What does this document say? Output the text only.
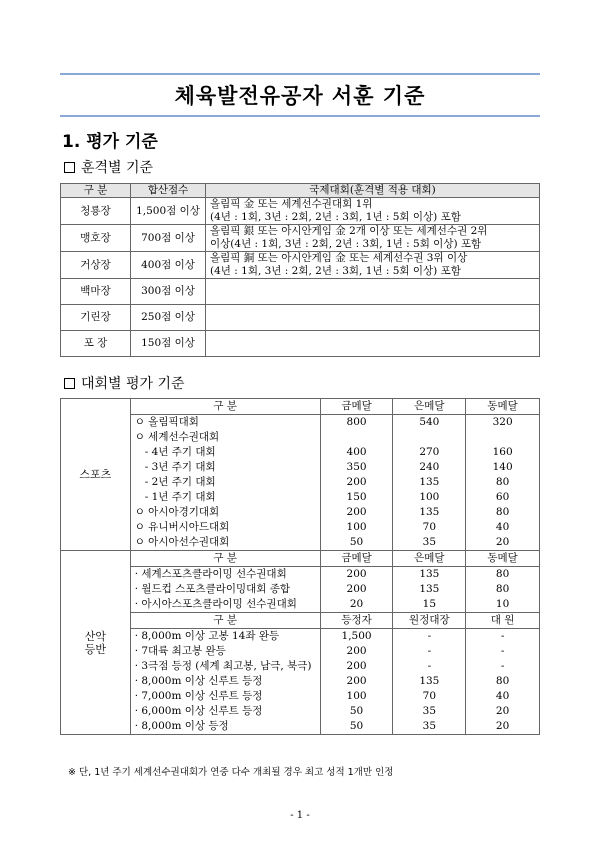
체육발전유공자 서훈 기준
1. 평가 기준
훈격별 기준
구 분	합산점수	국제대회(훈격별 적용 대회)
청룡장	1,500점 이상	올림픽 金 또는 세계선수권대회 1위
(4년 : 1회, 3년 : 2회, 2년 : 3회, 1년 : 5회 이상) 포함

맹호장	700점 이상	올림픽 銀 또는 아시안게임 金 2개 이상 또는 세계선수권 2위
이상(4년 : 1회, 3년 : 2회, 2년 : 3회, 1년 : 5회 이상) 포함

거상장	400점 이상	올림픽 銅 또는 아시안게임 金 또는 세계선수권 3위 이상
(4년 : 1회, 3년 : 2회, 2년 : 3회, 1년 : 5회 이상) 포함

백마장	300점 이상	

기린장	250점 이상	

포 장	150점 이상	
대회별 평가 기준
스포츠	구 분	금메달	은메달	동메달
	ㅇ 올림픽대회	800	540	320
	ㅇ 세계선수권대회			
	- 4년 주기 대회	400	270	160
	- 3년 주기 대회	350	240	140
	- 2년 주기 대회	200	135	80
	- 1년 주기 대회	150	100	60
	ㅇ 아시아경기대회	200	135	80
	ㅇ 유니버시아드대회	100	70	40
	ㅇ 아시아선수권대회	50	35	20

산악
등반	구 분	금메달	은메달	동메달
	· 세계스포츠클라이밍 선수권대회	200	135	80
	· 월드컵 스포츠클라이밍대회 종합	200	135	80
	· 아시아스포츠클라이밍 선수권대회	20	15	10
	구 분	등정자	원정대장	대 원
	· 8,000m 이상 고봉 14좌 완등	1,500	-	-
	· 7대륙 최고봉 완등	200	-	-
	· 3극점 등정 (세계 최고봉, 남극, 북극)	200	-	-
	· 8,000m 이상 신루트 등정	200	135	80
	· 7,000m 이상 신루트 등정	100	70	40
	· 6,000m 이상 신루트 등정	50	35	20
	· 8,000m 이상 등정	50	35	20
※ 단, 1년 주기 세계선수권대회가 연중 다수 개최될 경우 최고 성적 1개만 인정
- 1 -
